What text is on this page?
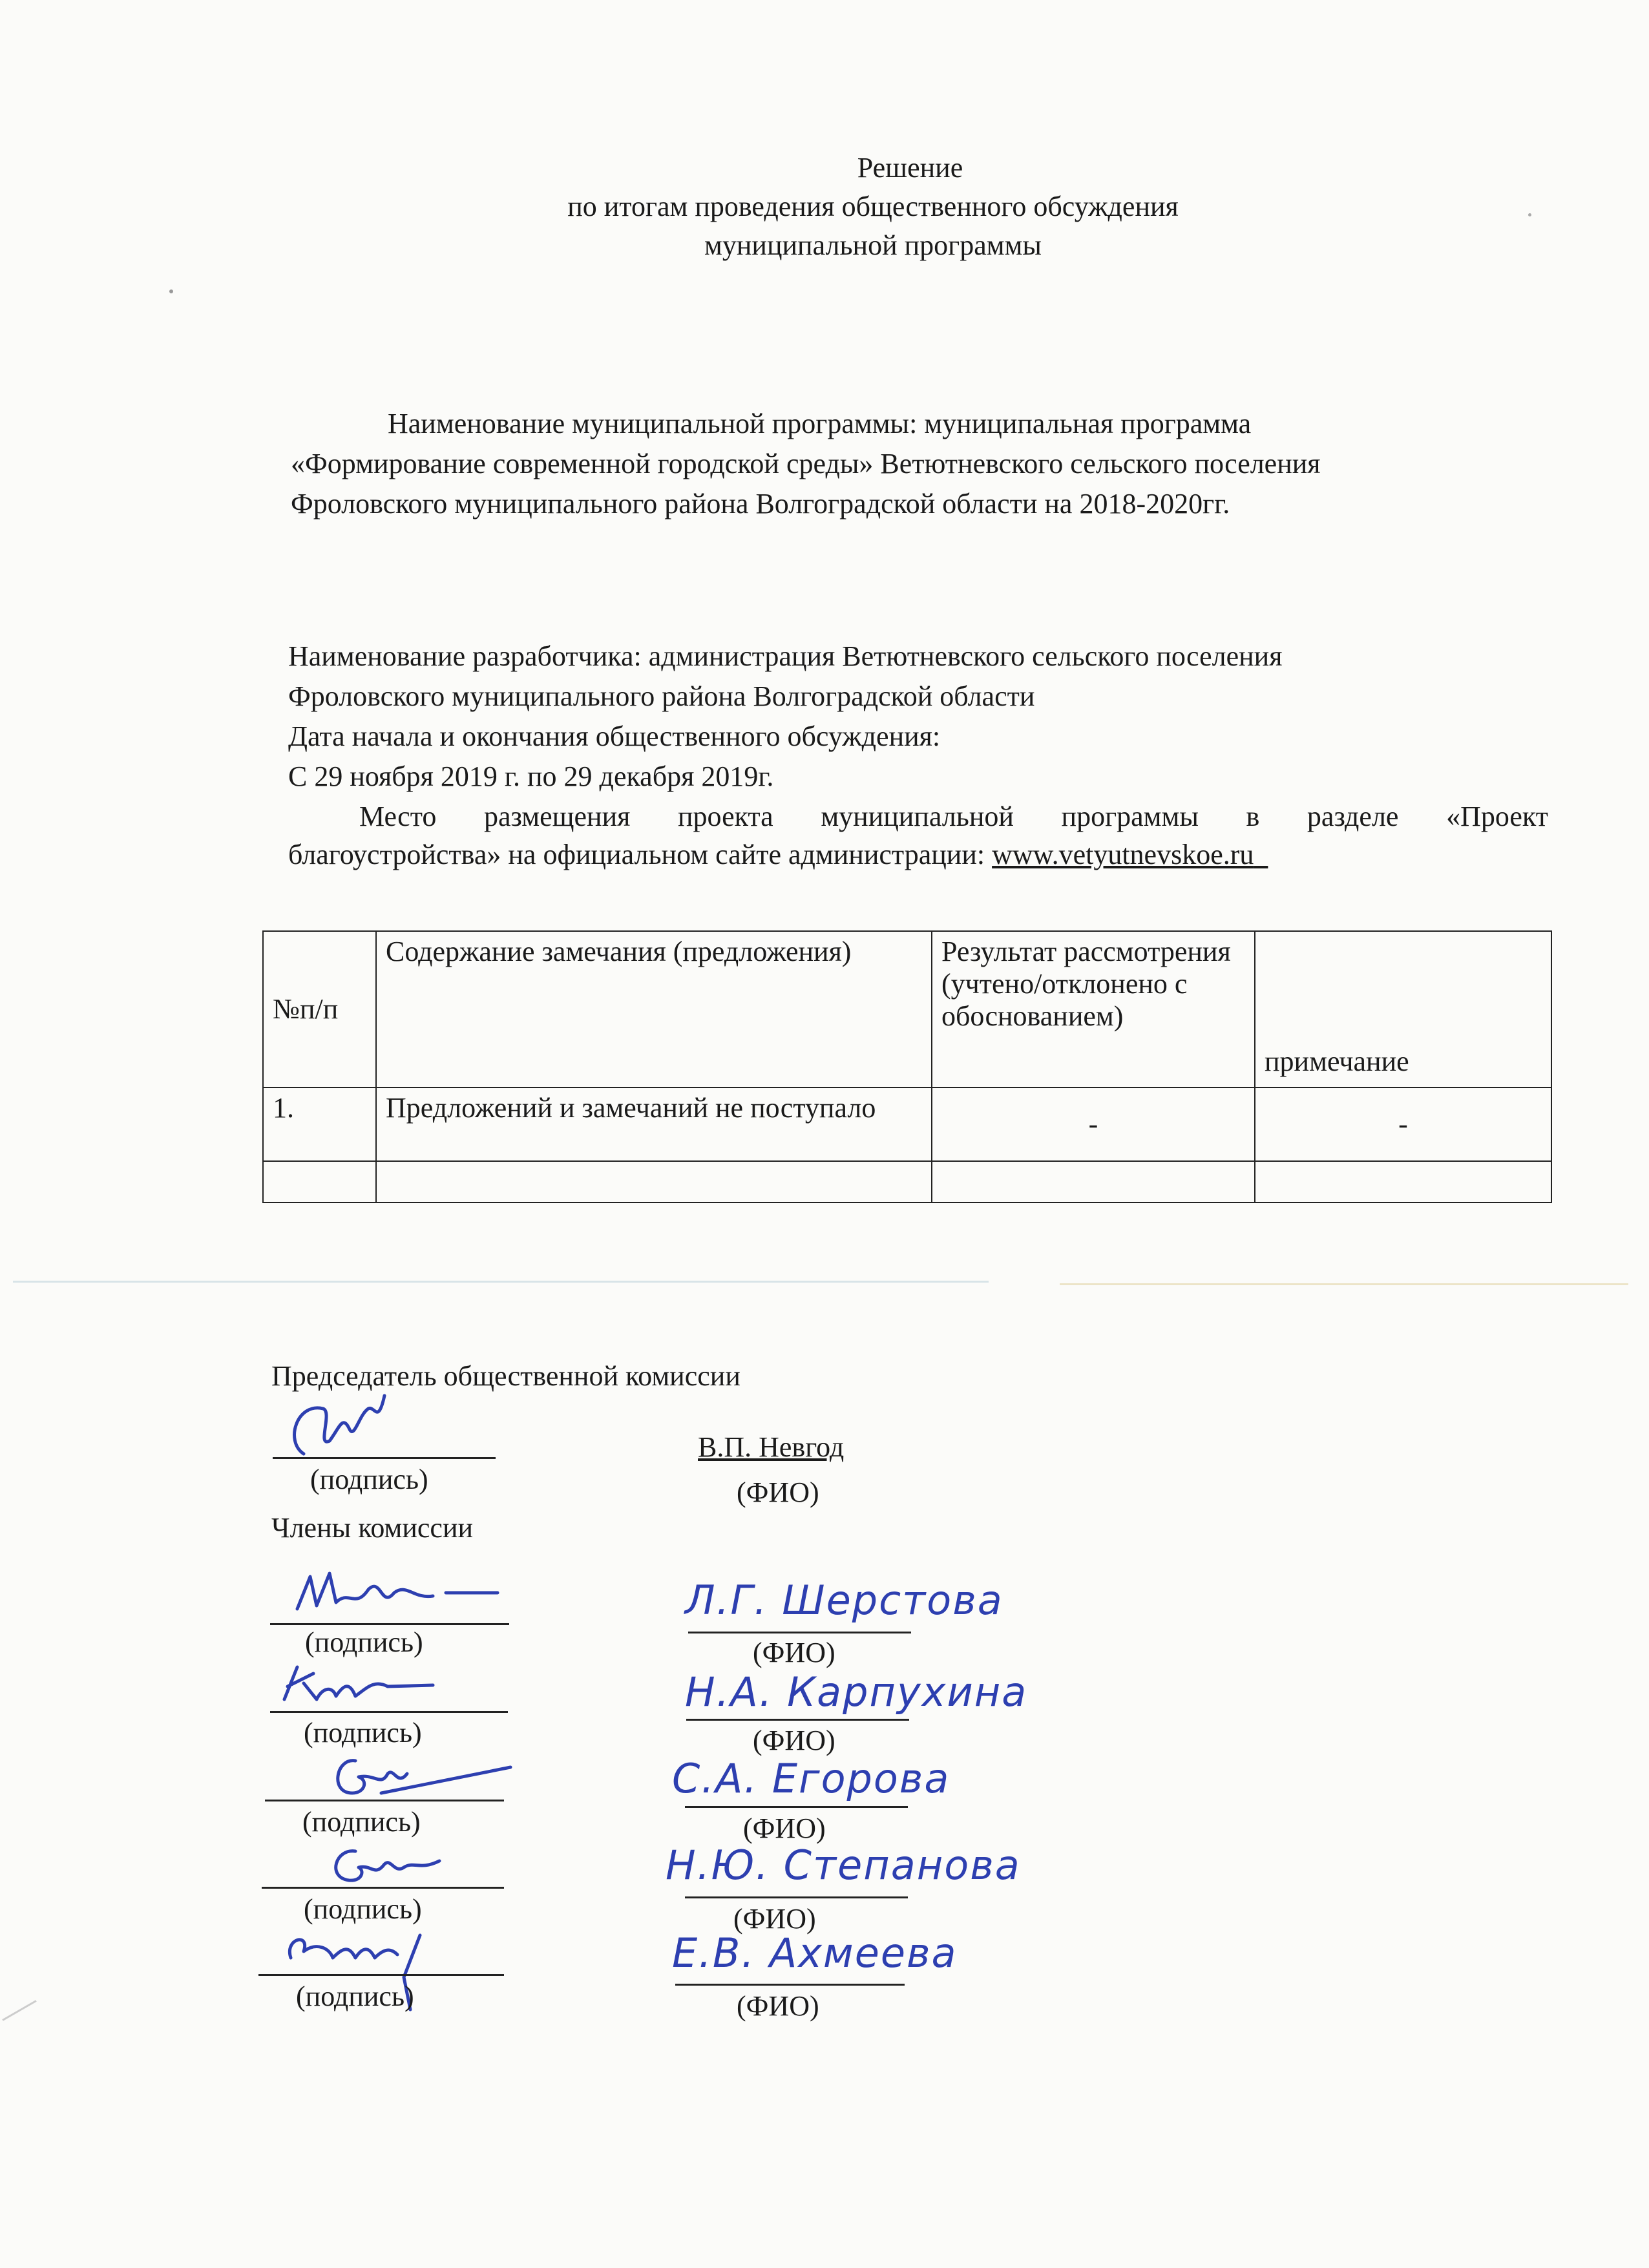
Решение
по итогам проведения общественного обсуждения
муниципальной программы
Наименование муниципальной программы: муниципальная программа
«Формирование современной городской среды» Ветютневского сельского поселения
Фроловского муниципального района Волгоградской области на 2018-2020гг.
Наименование разработчика: администрация Ветютневского сельского поселения
Фроловского муниципального района Волгоградской области
Дата начала и окончания общественного обсуждения:
С 29 ноября 2019 г. по 29 декабря 2019г.
Место размещения проекта муниципальной программы в разделе «Проект
благоустройства» на официальном сайте администрации: www.vetyutnevskoe.ru
№п/п	Содержание замечания (предложения)	Результат рассмотрения (учтено/отклонено с обоснованием)	примечание
1.	Предложений и замечаний не поступало	-	-

Председатель общественной комиссии
(подпись)
В.П. Невгод
(ФИО)
Члены комиссии
(подпись)
Л.Г. Шерстова
(ФИО)
(подпись)
Н.А. Карпухина
(ФИО)
(подпись)
С.А. Егорова
(ФИО)
(подпись)
Н.Ю. Степанова
(ФИО)
(подпись)
Е.В. Ахмеева
(ФИО)
